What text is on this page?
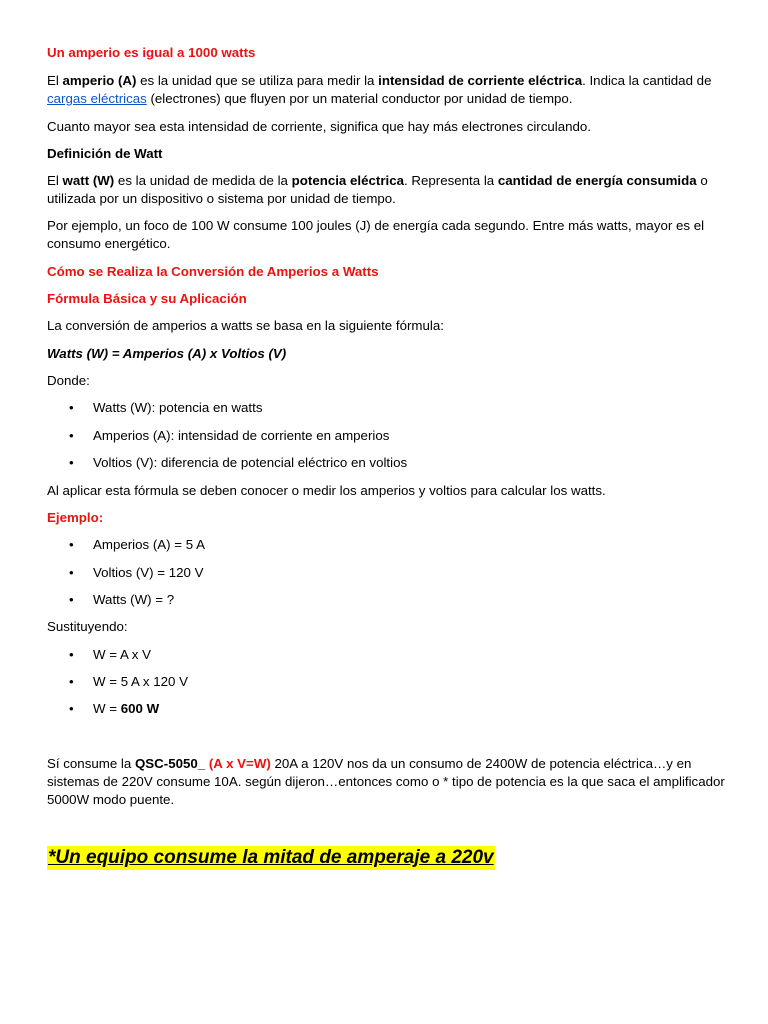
Un amperio es igual a 1000 watts

El amperio (A) es la unidad que se utiliza para medir la intensidad de corriente eléctrica. Indica la cantidad de cargas eléctricas (electrones) que fluyen por un material conductor por unidad de tiempo.

Cuanto mayor sea esta intensidad de corriente, significa que hay más electrones circulando.

Definición de Watt

El watt (W) es la unidad de medida de la potencia eléctrica. Representa la cantidad de energía consumida o utilizada por un dispositivo o sistema por unidad de tiempo.

Por ejemplo, un foco de 100 W consume 100 joules (J) de energía cada segundo. Entre más watts, mayor es el consumo energético.

Cómo se Realiza la Conversión de Amperios a Watts

Fórmula Básica y su Aplicación

La conversión de amperios a watts se basa en la siguiente fórmula:

Watts (W) = Amperios (A) x Voltios (V)

Donde:

•	Watts (W): potencia en watts
•	Amperios (A): intensidad de corriente en amperios
•	Voltios (V): diferencia de potencial eléctrico en voltios

Al aplicar esta fórmula se deben conocer o medir los amperios y voltios para calcular los watts.

Ejemplo:

•	Amperios (A) = 5 A
•	Voltios (V) = 120 V
•	Watts (W) = ?

Sustituyendo:

•	W = A x V
•	W = 5 A x 120 V
•	W = 600 W

Sí consume la QSC-5050_ (A x V=W) 20A a 120V nos da un consumo de 2400W de potencia eléctrica…y en sistemas de 220V consume 10A. según dijeron…entonces como o * tipo de potencia es la que saca el amplificador 5000W modo puente.

*Un equipo consume la mitad de amperaje a 220v
